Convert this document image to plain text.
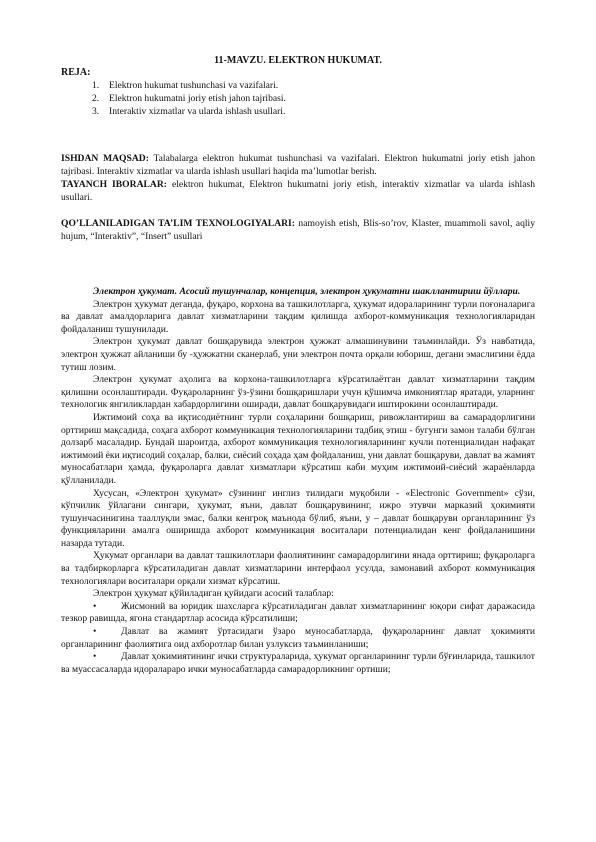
11-MAVZU. ELEKTRON HUKUMAT.
REJA:
1.	Elektron hukumat tushunchasi va vazifalari.
2.	Elektron hukumatni joriy etish jahon tajribasi.
3.	Interaktiv xizmatlar va ularda ishlash usullari.
ISHDAN MAQSAD: Talabalarga elektron hukumat tushunchasi va vazifalari. Elektron hukumatni joriy etish jahon tajribasi. Interaktiv xizmatlar va ularda ishlash usullari haqida ma’lumotlar berish.
TAYANCH IBORALAR: elektron hukumat, Elektron hukumatni joriy etish, interaktiv xizmatlar va ularda ishlash usullari.
QO’LLANILADIGAN TA’LIM TEXNOLOGIYALARI: namoyish etish, Blis-so’rov, Klaster, muammoli savol, aqliy hujum, “Interaktiv”, “Insert” usullari

Электрон ҳукумат. Асосий тушунчалар, концепция, электрон ҳукуматни шакллантириш йўллари.

Электрон ҳукумат деганда, фуқаро, корхона ва ташкилотларга, ҳукумат идораларининг турли поғоналарига ва давлат амалдорларига давлат хизматларини тақдим қилишда ахборот-коммуникация технологияларидан фойдаланиш тушунилади.

Электрон ҳукумат давлат бошқарувида электрон ҳужжат алмашинувини таъминлайди. Ўз навбатида, электрон ҳужжат айланиши бу -ҳужжатни сканерлаб, уни электрон почта орқали юбориш, дегани эмаслигини ёдда тутиш лозим.

Электрон ҳукумат аҳолига ва корхона-ташкилотларга кўрсатилаётган давлат хизматларини тақдим қилишни осонлаштиради. Фуқароларнинг ўз-ўзини бошқаришлари учун қўшимча имкониятлар яратади, уларнинг технологик янгиликлардан хабардорлигини оширади, давлат бошқарувидаги иштирокини осонлаштиради.

Ижтимоий соҳа ва иқтисодиётнинг турли соҳаларини бошқариш, ривожлантириш ва самарадорлигини орттириш мақсадида, соҳага ахборот коммуникация технологияларини тадбиқ этиш - бугунги замон талаби бўлган долзарб масаладир. Бундай шароитда, ахборот коммуникация технологияларининг кучли потенциалидан нафақат ижтимоий ёки иқтисодий соҳалар, балки, сиёсий соҳада ҳам фойдаланиш, уни давлат бошқаруви, давлат ва жамият муносабатлари ҳамда, фуқароларга давлат хизматлари кўрсатиш каби муҳим ижтимоий-сиёсий жараёнларда қўлланилади.

Хусусан, «Электрон ҳукумат» сўзининг инглиз тилидаги муқобили - «Electronic Government» сўзи, кўпчилик ўйлагани сингари, ҳукумат, яъни, давлат бошқарувининг, ижро этувчи марказий ҳокимияти тушунчасинигина тааллуқли эмас, балки кенгроқ маънода бўлиб, яъни, у – давлат бошқаруви органларининг ўз функцияларини амалга оширишда ахборот коммуникация воситалари потенциалидан кенг фойдаланишини назарда тутади.

Ҳукумат органлари ва давлат ташкилотлари фаолиятининг самарадорлигини янада орттириш; фуқароларга ва тадбиркорларга кўрсатиладиган давлат хизматларини интерфаол усулда, замонавий ахборот коммуникация технологиялари воситалари орқали хизмат кўрсатиш.

Электрон ҳукумат қўйиладиган қуйидаги асосий талаблар:

•	Жисмоний ва юридик шахсларга кўрсатиладиган давлат хизматларининг юқори сифат даражасида тезкор равишда, ягона стандартлар асосида кўрсатилиши;

•	Давлат ва жамият ўртасидаги ўзаро муносабатларда, фуқароларнинг давлат ҳокимияти органларининг фаолиятига оид ахборотлар билан узлуксиз таъминланиши;

•	Давлат ҳокимиятининг ички структураларида, ҳукумат органларининг турли бўғинларида, ташкилот ва муассасаларда идоралараро ички муносабатларда самарадорликнинг ортиши;
